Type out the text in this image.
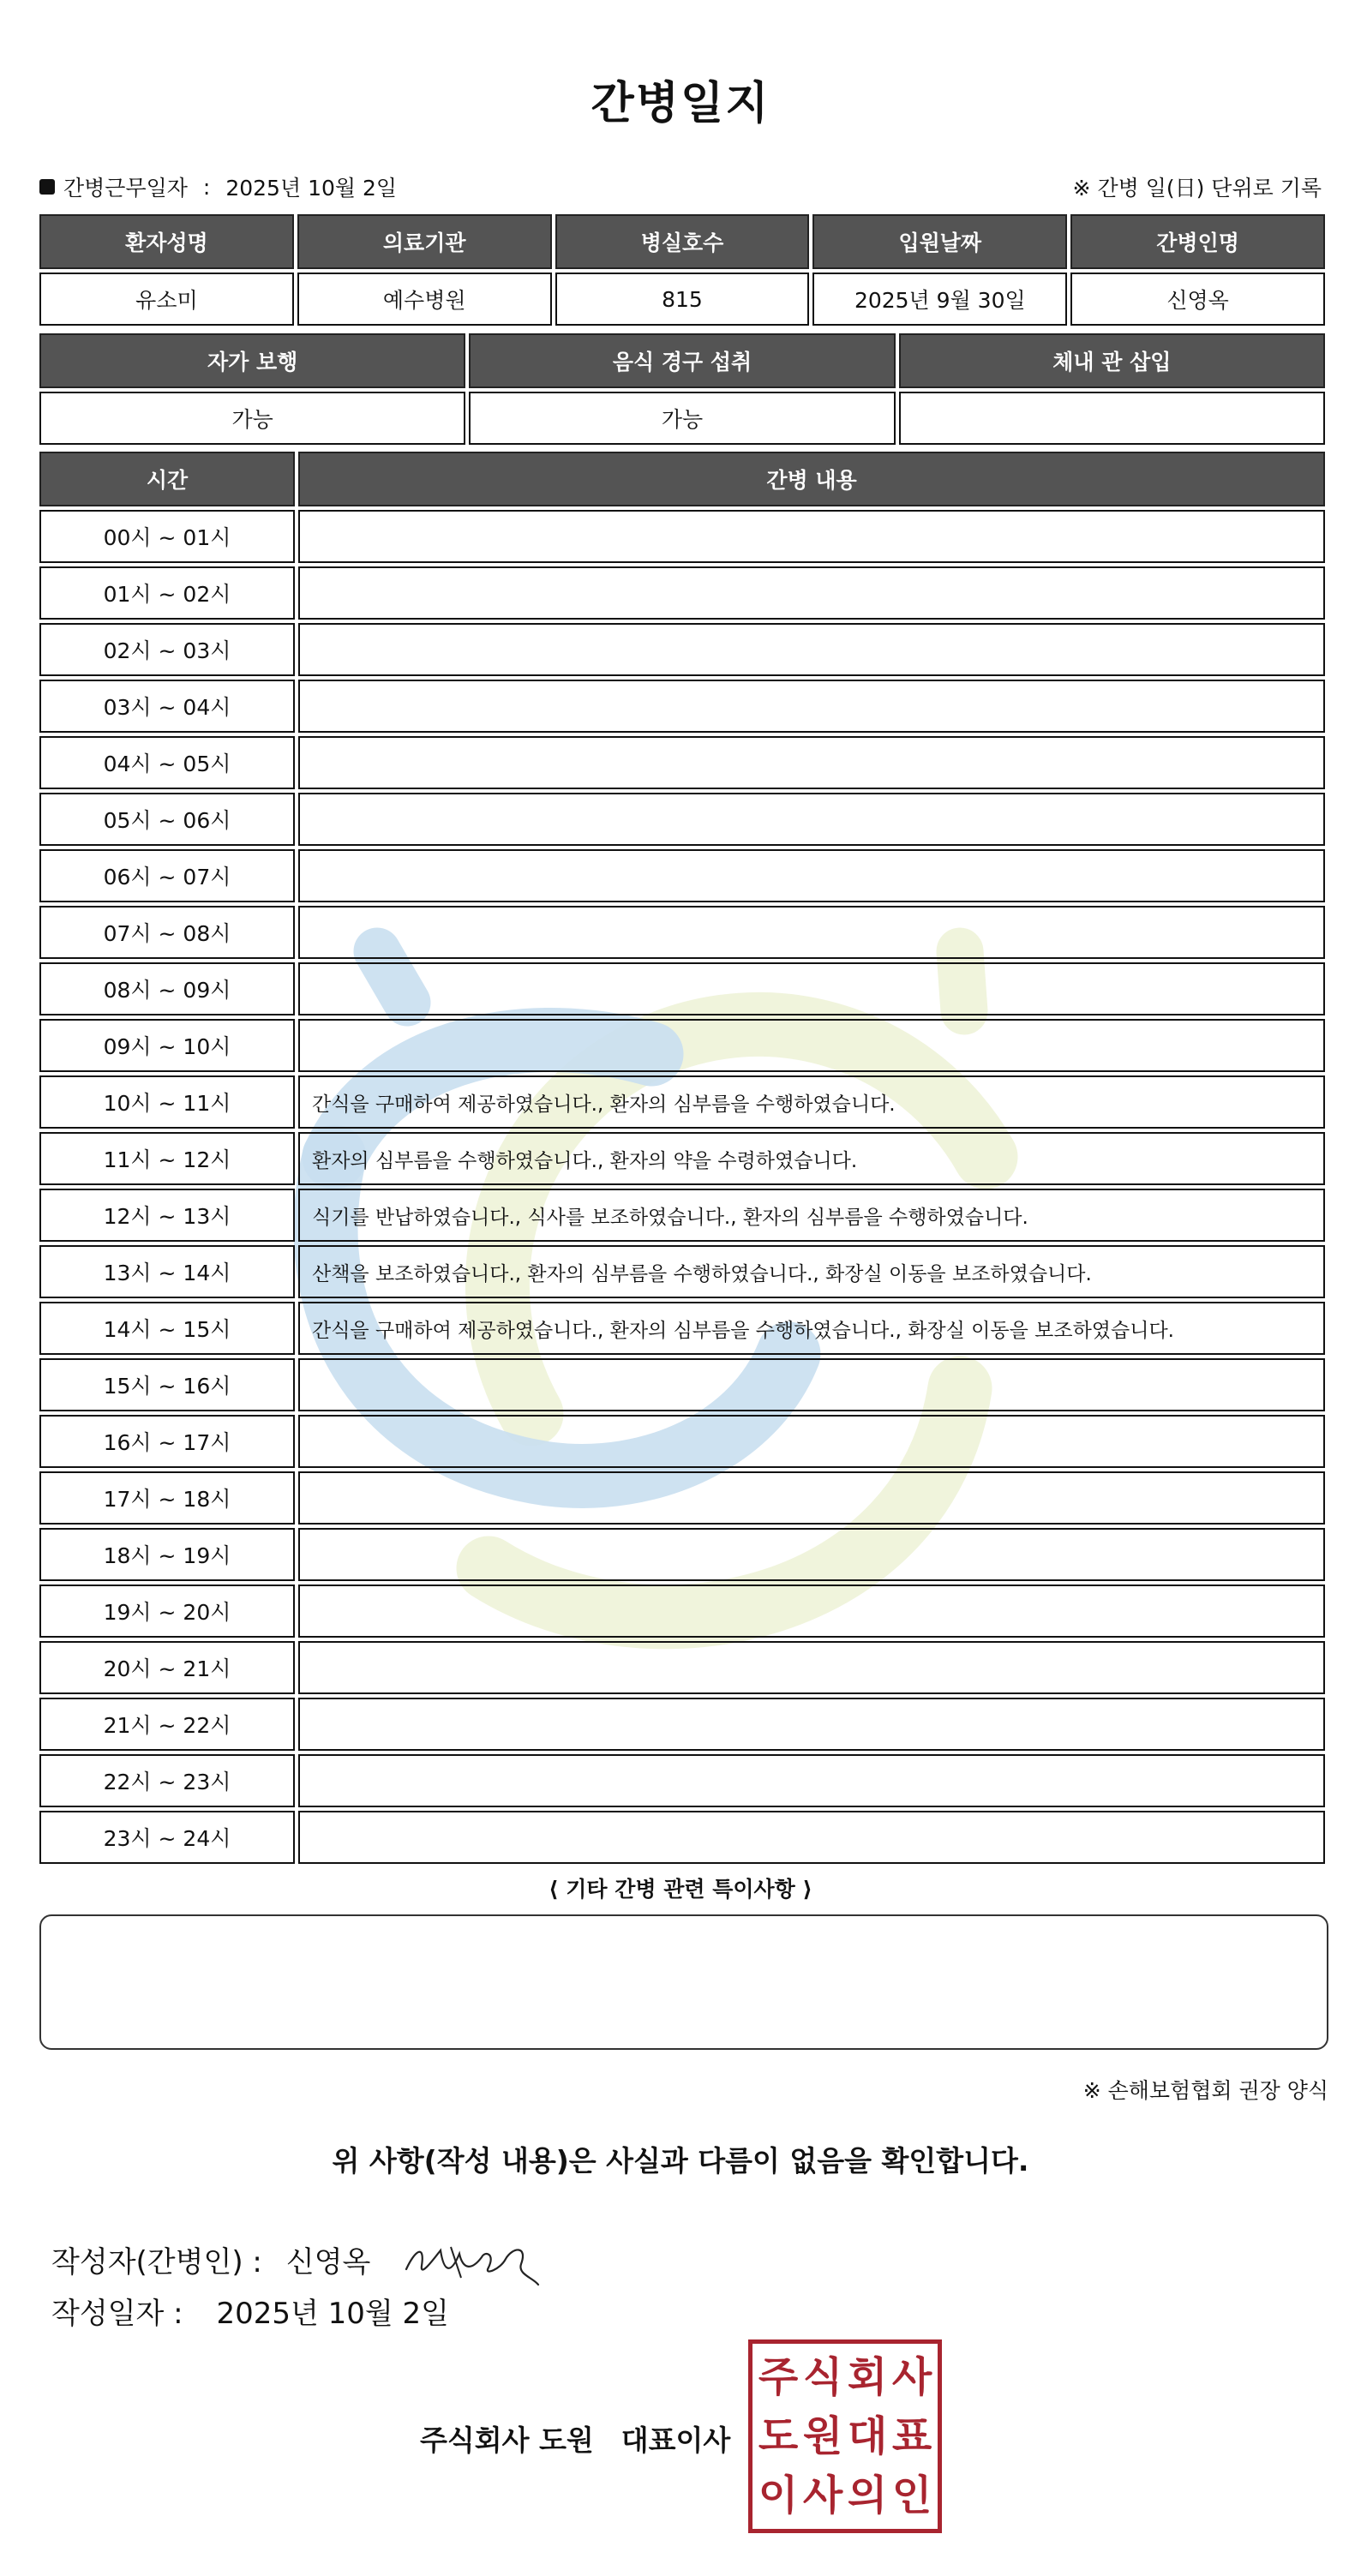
간병일지
간병근무일자 : 2025년 10월 2일	※ 간병 일(日) 단위로 기록
환자성명	의료기관	병실호수	입원날짜	간병인명
유소미	예수병원	815	2025년 9월 30일	신영옥
자가 보행	음식 경구 섭취	체내 관 삽입
가능	가능	
시간	간병 내용
00시 ~ 01시	
01시 ~ 02시	
02시 ~ 03시	
03시 ~ 04시	
04시 ~ 05시	
05시 ~ 06시	
06시 ~ 07시	
07시 ~ 08시	
08시 ~ 09시	
09시 ~ 10시	
10시 ~ 11시	간식을 구매하여 제공하였습니다., 환자의 심부름을 수행하였습니다.
11시 ~ 12시	환자의 심부름을 수행하였습니다., 환자의 약을 수령하였습니다.
12시 ~ 13시	식기를 반납하였습니다., 식사를 보조하였습니다., 환자의 심부름을 수행하였습니다.
13시 ~ 14시	산책을 보조하였습니다., 환자의 심부름을 수행하였습니다., 화장실 이동을 보조하였습니다.
14시 ~ 15시	간식을 구매하여 제공하였습니다., 환자의 심부름을 수행하였습니다., 화장실 이동을 보조하였습니다.
15시 ~ 16시	
16시 ~ 17시	
17시 ~ 18시	
18시 ~ 19시	
19시 ~ 20시	
20시 ~ 21시	
21시 ~ 22시	
22시 ~ 23시	
23시 ~ 24시	
⟨ 기타 간병 관련 특이사항 ⟩
※ 손해보험협회 권장 양식
위 사항(작성 내용)은 사실과 다름이 없음을 확인합니다.
작성자(간병인) : 신영옥
작성일자 : 2025년 10월 2일
주식회사 도원 대표이사
주 식 회 사
도 원 대 표
이 사 의 인
